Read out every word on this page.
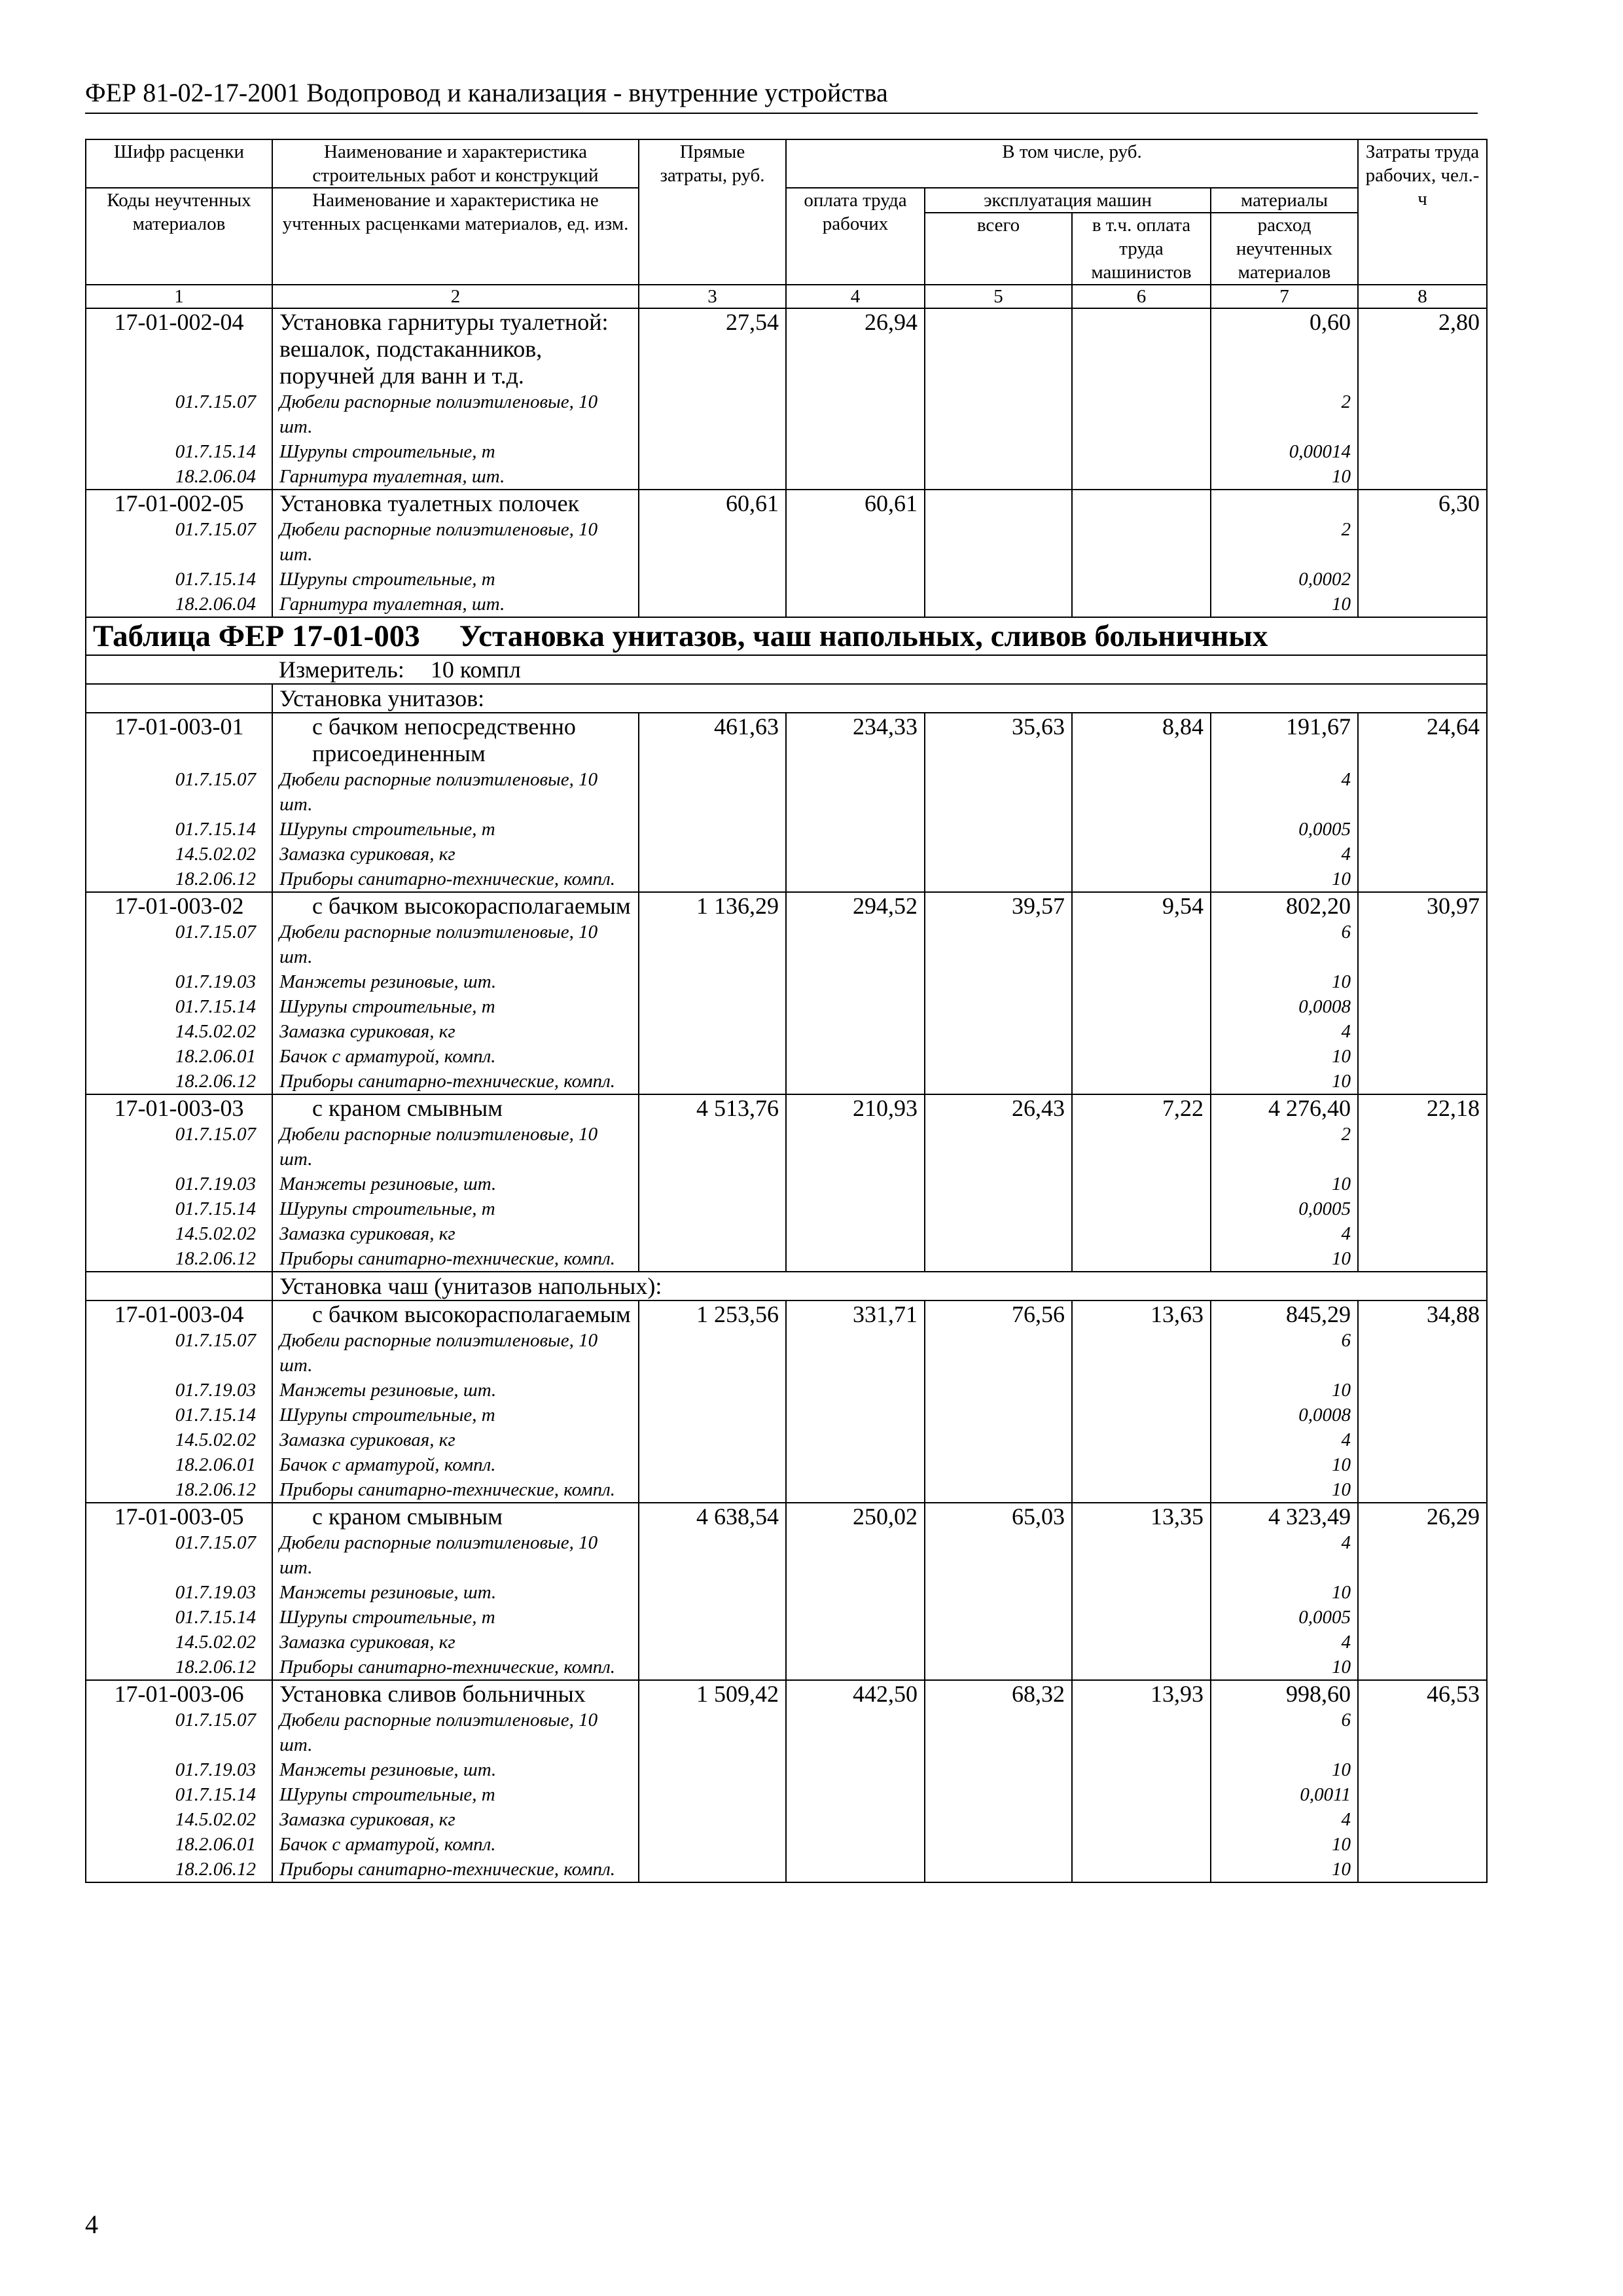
ФЕР 81-02-17-2001 Водопровод и канализация - внутренние устройства
Шифр расценки	Наименование и характеристика строительных работ и конструкций	Прямые затраты, руб.	В том числе, руб.				Затраты труда рабочих, чел.-ч
Коды неучтенных материалов	Наименование и характеристика не учтенных расценками материалов, ед. изм.		оплата труда рабочих	эксплуатация машин		материалы	
				всего	в т.ч. оплата труда машинистов	расход неучтенных материалов	
1	2	3	4	5	6	7	8
17-01-002-04	Установка гарнитуры туалетной: вешалок, подстаканников, поручней для ванн и т.д.	27,54	26,94			0,60	2,80
01.7.15.07	Дюбели распорные полиэтиленовые, 10 шт.					2	
01.7.15.14	Шурупы строительные, т					0,00014	
18.2.06.04	Гарнитура туалетная, шт.					10	
17-01-002-05	Установка туалетных полочек	60,61	60,61				6,30
01.7.15.07	Дюбели распорные полиэтиленовые, 10 шт.					2	
01.7.15.14	Шурупы строительные, т					0,0002	
18.2.06.04	Гарнитура туалетная, шт.					10	
Таблица ФЕР 17-01-003 Установка унитазов, чаш напольных, сливов больничных							
	Измеритель: 10 компл						
	Установка унитазов:						
17-01-003-01	с бачком непосредственно присоединенным	461,63	234,33	35,63	8,84	191,67	24,64
01.7.15.07	Дюбели распорные полиэтиленовые, 10 шт.					4	
01.7.15.14	Шурупы строительные, т					0,0005	
14.5.02.02	Замазка суриковая, кг					4	
18.2.06.12	Приборы санитарно-технические, компл.					10	
17-01-003-02	с бачком высокорасполагаемым	1 136,29	294,52	39,57	9,54	802,20	30,97
01.7.15.07	Дюбели распорные полиэтиленовые, 10 шт.					6	
01.7.19.03	Манжеты резиновые, шт.					10	
01.7.15.14	Шурупы строительные, т					0,0008	
14.5.02.02	Замазка суриковая, кг					4	
18.2.06.01	Бачок с арматурой, компл.					10	
18.2.06.12	Приборы санитарно-технические, компл.					10	
17-01-003-03	с краном смывным	4 513,76	210,93	26,43	7,22	4 276,40	22,18
01.7.15.07	Дюбели распорные полиэтиленовые, 10 шт.					2	
01.7.19.03	Манжеты резиновые, шт.					10	
01.7.15.14	Шурупы строительные, т					0,0005	
14.5.02.02	Замазка суриковая, кг					4	
18.2.06.12	Приборы санитарно-технические, компл.					10	
	Установка чаш (унитазов напольных):						
17-01-003-04	с бачком высокорасполагаемым	1 253,56	331,71	76,56	13,63	845,29	34,88
01.7.15.07	Дюбели распорные полиэтиленовые, 10 шт.					6	
01.7.19.03	Манжеты резиновые, шт.					10	
01.7.15.14	Шурупы строительные, т					0,0008	
14.5.02.02	Замазка суриковая, кг					4	
18.2.06.01	Бачок с арматурой, компл.					10	
18.2.06.12	Приборы санитарно-технические, компл.					10	
17-01-003-05	с краном смывным	4 638,54	250,02	65,03	13,35	4 323,49	26,29
01.7.15.07	Дюбели распорные полиэтиленовые, 10 шт.					4	
01.7.19.03	Манжеты резиновые, шт.					10	
01.7.15.14	Шурупы строительные, т					0,0005	
14.5.02.02	Замазка суриковая, кг					4	
18.2.06.12	Приборы санитарно-технические, компл.					10	
17-01-003-06	Установка сливов больничных	1 509,42	442,50	68,32	13,93	998,60	46,53
01.7.15.07	Дюбели распорные полиэтиленовые, 10 шт.					6	
01.7.19.03	Манжеты резиновые, шт.					10	
01.7.15.14	Шурупы строительные, т					0,0011	
14.5.02.02	Замазка суриковая, кг					4	
18.2.06.01	Бачок с арматурой, компл.					10	
18.2.06.12	Приборы санитарно-технические, компл.					10	
4
